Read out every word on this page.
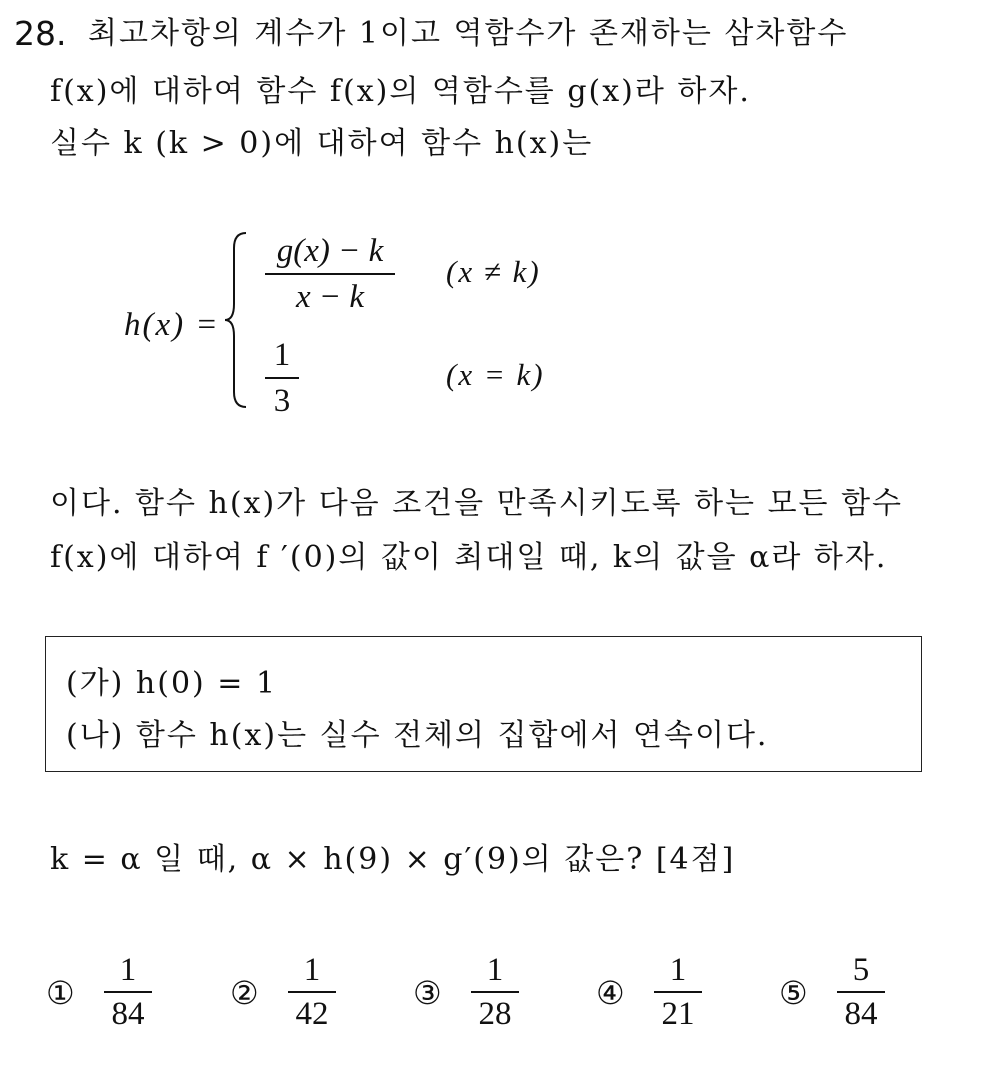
28. 최고차항의 계수가 1이고 역함수가 존재하는 삼차함수
f(x)에 대하여 함수 f(x)의 역함수를 g(x)라 하자.
실수 k (k > 0)에 대하여 함수 h(x)는
h(x) =
g(x) − k
x − k
(x ≠ k)
1
3
(x = k)
이다. 함수 h(x)가 다음 조건을 만족시키도록 하는 모든 함수
f(x)에 대하여 f ′(0)의 값이 최대일 때, k의 값을 α라 하자.
(가) h(0) = 1
(나) 함수 h(x)는 실수 전체의 집합에서 연속이다.
k = α 일 때, α × h(9) × g′(9)의 값은? [4점]
①
1
84
②
1
42
③
1
28
④
1
21
⑤
5
84
